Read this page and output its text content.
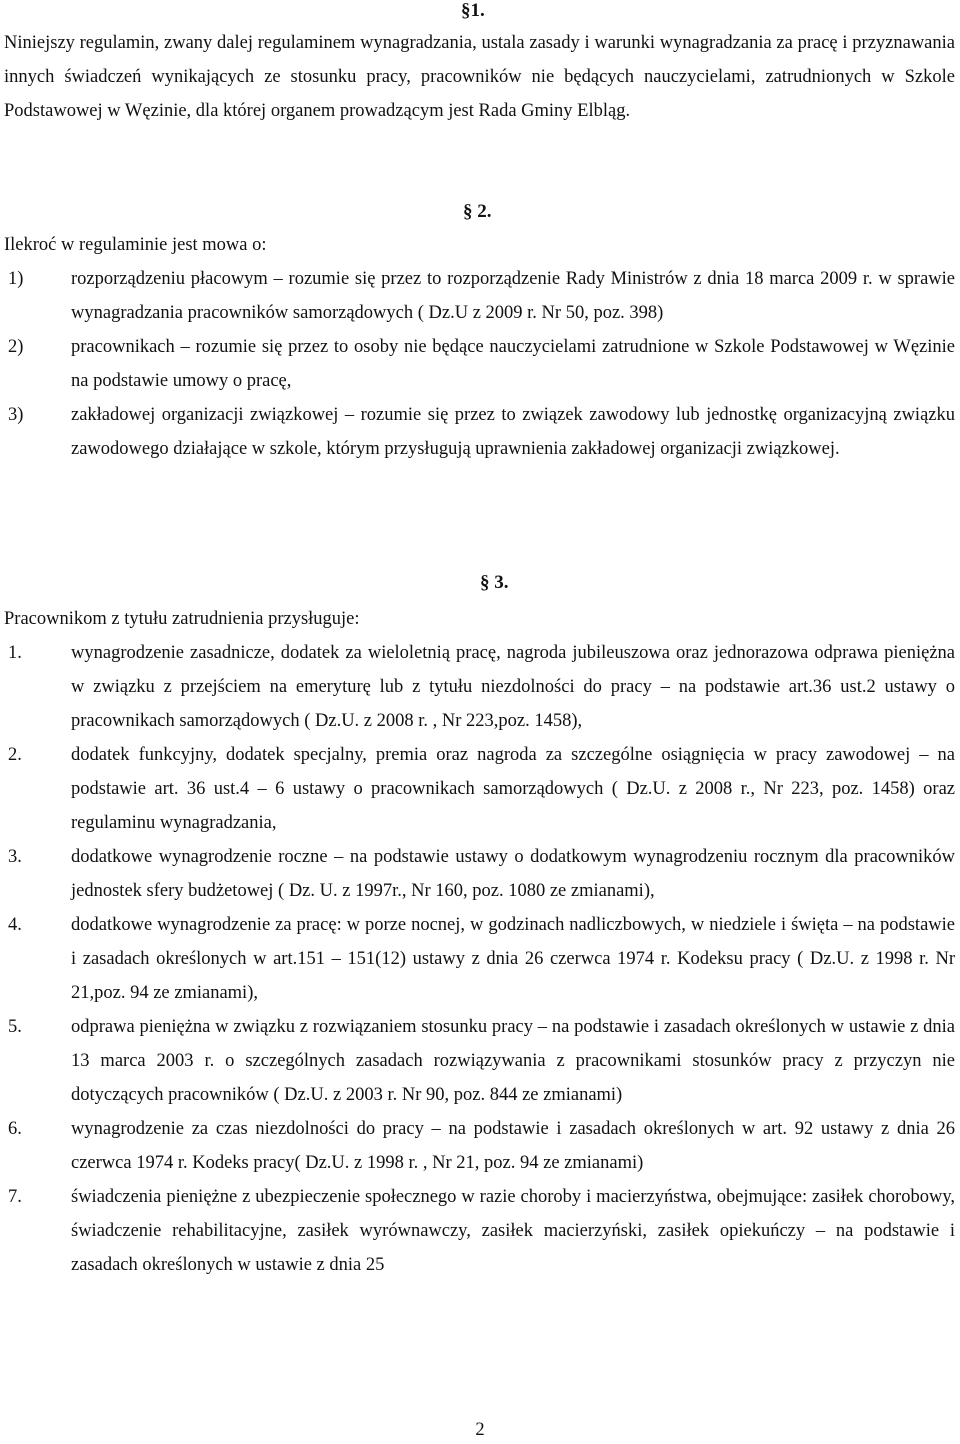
§1.
Niniejszy regulamin, zwany dalej regulaminem wynagradzania, ustala zasady i warunki wynagradzania za pracę i przyznawania innych świadczeń wynikających ze stosunku pracy, pracowników nie będących nauczycielami, zatrudnionych w Szkole Podstawowej w Węzinie, dla której organem prowadzącym jest Rada Gminy Elbląg.
§ 2.
Ilekroć w regulaminie jest mowa o:
1)	rozporządzeniu płacowym – rozumie się przez to rozporządzenie Rady Ministrów z dnia 18 marca 2009 r. w sprawie wynagradzania pracowników samorządowych ( Dz.U z 2009 r. Nr 50, poz. 398)
2)	pracownikach – rozumie się przez to osoby nie będące nauczycielami zatrudnione w Szkole Podstawowej w Węzinie na podstawie umowy o pracę,
3)	zakładowej organizacji związkowej – rozumie się przez to związek zawodowy lub jednostkę organizacyjną związku zawodowego działające w szkole, którym przysługują uprawnienia zakładowej organizacji związkowej.
§ 3.
Pracownikom z tytułu zatrudnienia przysługuje:
1.	wynagrodzenie zasadnicze, dodatek za wieloletnią pracę, nagroda jubileuszowa oraz jednorazowa odprawa pieniężna w związku z przejściem na emeryturę lub z tytułu niezdolności do pracy – na podstawie art.36 ust.2 ustawy o pracownikach samorządowych ( Dz.U. z 2008 r. , Nr 223,poz. 1458),
2.	dodatek funkcyjny, dodatek specjalny, premia oraz nagroda za szczególne osiągnięcia w pracy zawodowej – na podstawie art. 36 ust.4 – 6 ustawy o pracownikach samorządowych ( Dz.U. z 2008 r., Nr 223, poz. 1458) oraz regulaminu wynagradzania,
3.	dodatkowe wynagrodzenie roczne – na podstawie ustawy o dodatkowym wynagrodzeniu rocznym dla pracowników jednostek sfery budżetowej ( Dz. U. z 1997r., Nr 160, poz. 1080 ze zmianami),
4.	dodatkowe wynagrodzenie za pracę: w porze nocnej, w godzinach nadliczbowych, w niedziele i święta – na podstawie i zasadach określonych w art.151 – 151(12) ustawy z dnia 26 czerwca 1974 r. Kodeksu pracy ( Dz.U. z 1998 r. Nr 21,poz. 94 ze zmianami),
5.	odprawa pieniężna w związku z rozwiązaniem stosunku pracy – na podstawie i zasadach określonych w ustawie z dnia 13 marca 2003 r. o szczególnych zasadach rozwiązywania z pracownikami stosunków pracy z przyczyn nie dotyczących pracowników ( Dz.U. z 2003 r. Nr 90, poz. 844 ze zmianami)
6.	wynagrodzenie za czas niezdolności do pracy – na podstawie i zasadach określonych w art. 92 ustawy z dnia 26 czerwca 1974 r. Kodeks pracy( Dz.U. z 1998 r. , Nr 21, poz. 94 ze zmianami)
7.	świadczenia pieniężne z ubezpieczenie społecznego w razie choroby i macierzyństwa, obejmujące: zasiłek chorobowy, świadczenie rehabilitacyjne, zasiłek wyrównawczy, zasiłek macierzyński, zasiłek opiekuńczy – na podstawie i zasadach określonych w ustawie z dnia 25
2
